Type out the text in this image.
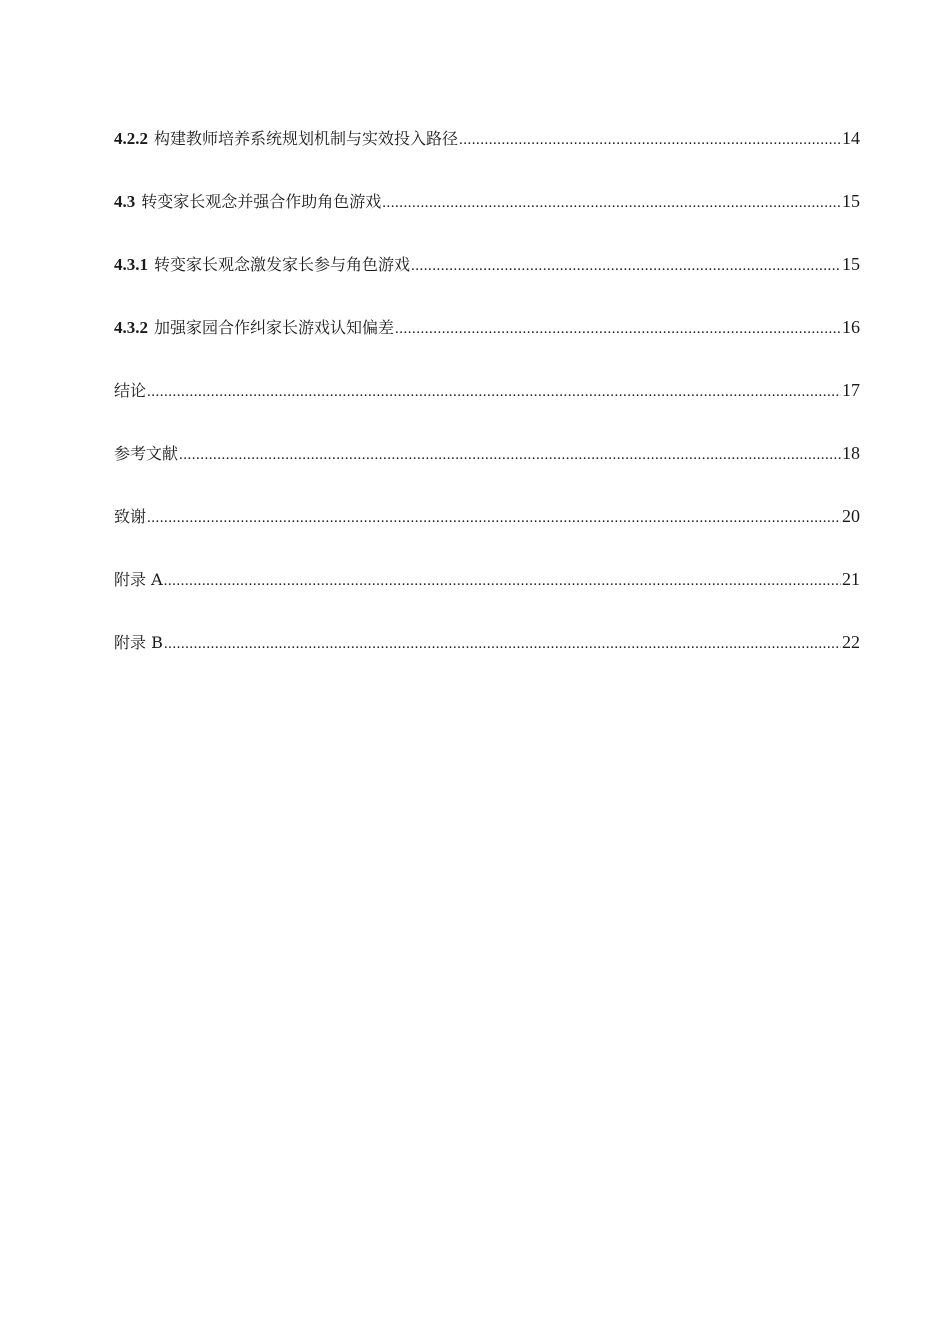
4.2.2 构建教师培养系统规划机制与实效投入路径 .....	14
4.3 转变家长观念并强合作助角色游戏 .....	15
4.3.1 转变家长观念激发家长参与角色游戏 .....	15
4.3.2 加强家园合作纠家长游戏认知偏差 .....	16
结论 .....	17
参考文献 .....	18
致谢 .....	20
附录 A .....	21
附录 B .....	22
